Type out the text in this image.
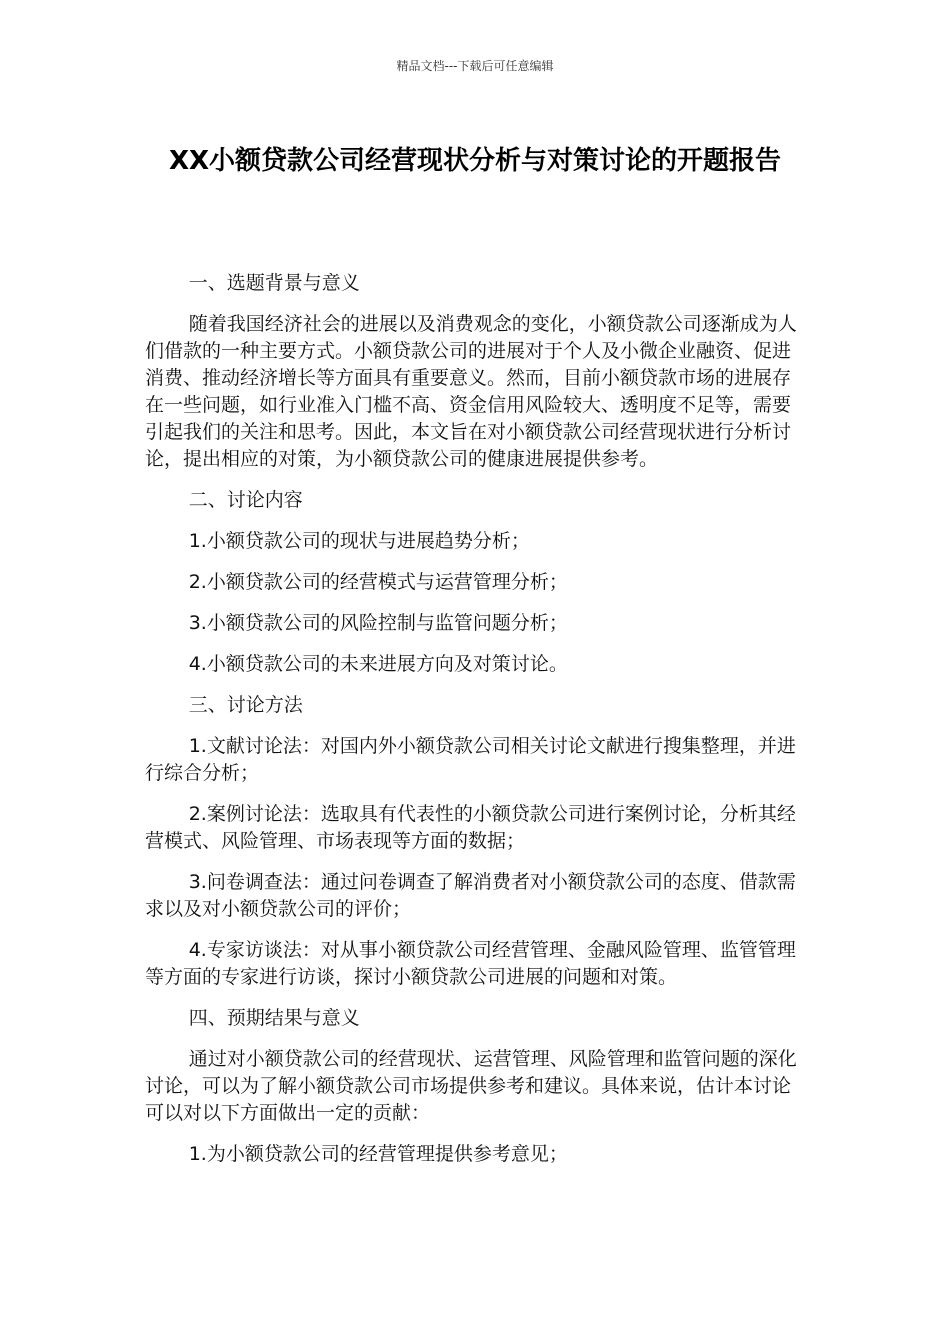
精品文档---下载后可任意编辑
XX小额贷款公司经营现状分析与对策讨论的开题报告

一、选题背景与意义

随着我国经济社会的进展以及消费观念的变化，小额贷款公司逐渐成为人们借款的一种主要方式。小额贷款公司的进展对于个人及小微企业融资、促进消费、推动经济增长等方面具有重要意义。然而，目前小额贷款市场的进展存在一些问题，如行业准入门槛不高、资金信用风险较大、透明度不足等，需要引起我们的关注和思考。因此，本文旨在对小额贷款公司经营现状进行分析讨论，提出相应的对策，为小额贷款公司的健康进展提供参考。

二、讨论内容

1.小额贷款公司的现状与进展趋势分析；

2.小额贷款公司的经营模式与运营管理分析；

3.小额贷款公司的风险控制与监管问题分析；

4.小额贷款公司的未来进展方向及对策讨论。

三、讨论方法

1.文献讨论法：对国内外小额贷款公司相关讨论文献进行搜集整理，并进行综合分析；

2.案例讨论法：选取具有代表性的小额贷款公司进行案例讨论，分析其经营模式、风险管理、市场表现等方面的数据；

3.问卷调查法：通过问卷调查了解消费者对小额贷款公司的态度、借款需求以及对小额贷款公司的评价；

4.专家访谈法：对从事小额贷款公司经营管理、金融风险管理、监管管理等方面的专家进行访谈，探讨小额贷款公司进展的问题和对策。

四、预期结果与意义

通过对小额贷款公司的经营现状、运营管理、风险管理和监管问题的深化讨论，可以为了解小额贷款公司市场提供参考和建议。具体来说，估计本讨论可以对以下方面做出一定的贡献：

1.为小额贷款公司的经营管理提供参考意见；
